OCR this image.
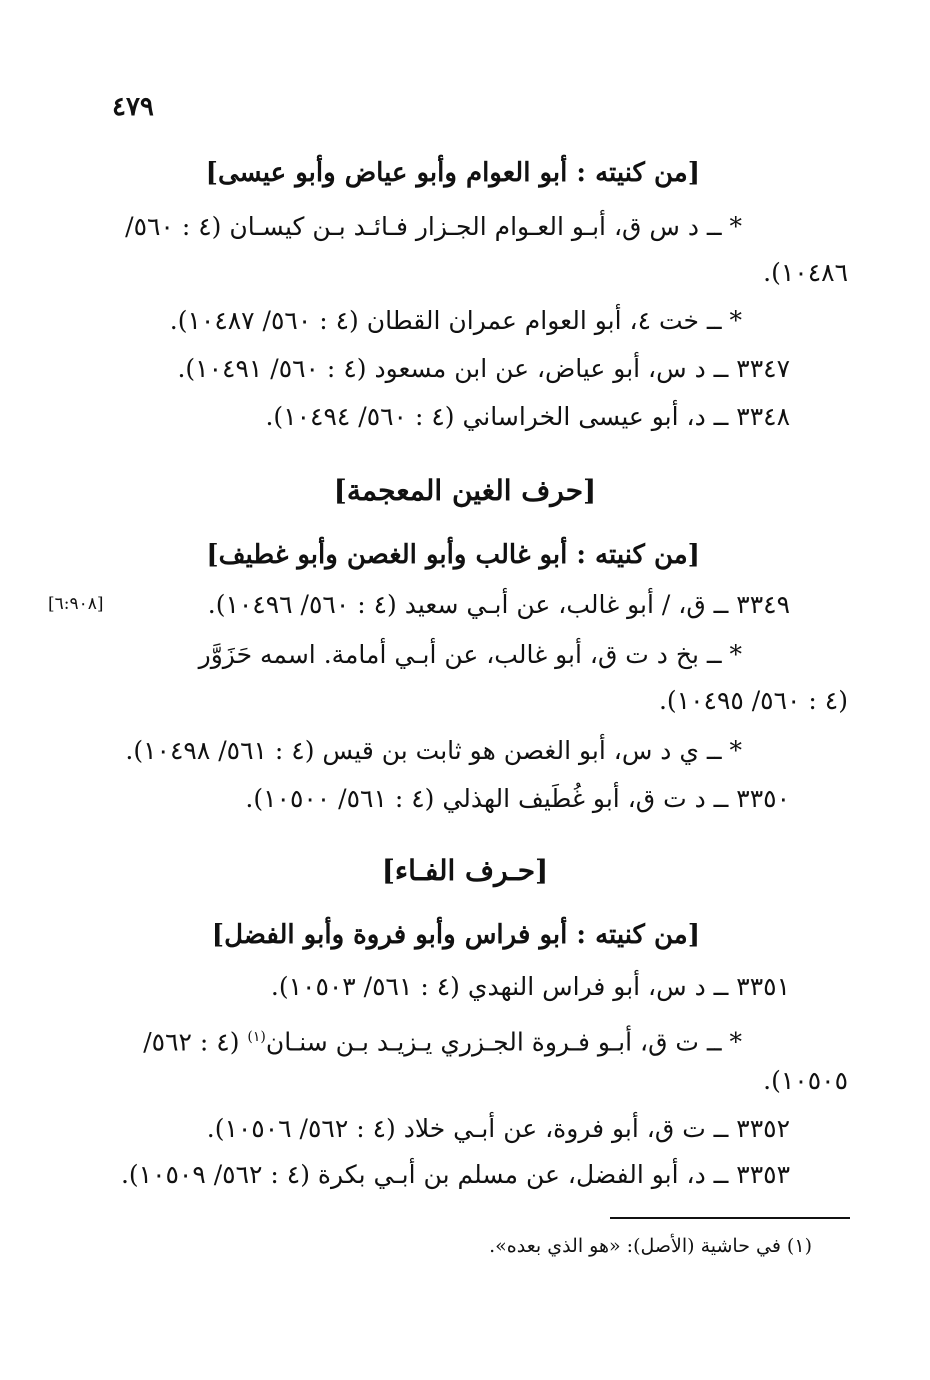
٤٧٩
[من كنيته : أبو العوام وأبو عياض وأبو عيسى]
* ــ د س ق، أبـو العـوام الجـزار فـائـد بـن كيسـان (٤ : ٥٦٠/
١٠٤٨٦).
* ــ خت ٤، أبو العوام عمران القطان (٤ : ٥٦٠/ ١٠٤٨٧).
٣٣٤٧ ــ د س، أبو عياض، عن ابن مسعود (٤ : ٥٦٠/ ١٠٤٩١).
٣٣٤٨ ــ د، أبو عيسى الخراساني (٤ : ٥٦٠/ ١٠٤٩٤).
[حرف الغين المعجمة]
[من كنيته : أبو غالب وأبو الغصن وأبو غطيف]
٣٣٤٩ ــ ق، / أبو غالب، عن أبـي سعيد (٤ : ٥٦٠/ ١٠٤٩٦).
[٦:٩٠٨]
* ــ بخ د ت ق، أبو غالب، عن أبـي أمامة. اسمه حَزَوَّر
(٤ : ٥٦٠/ ١٠٤٩٥).
* ــ ي د س، أبو الغصن هو ثابت بن قيس (٤ : ٥٦١/ ١٠٤٩٨).
٣٣٥٠ ــ د ت ق، أبو غُطَيف الهذلي (٤ : ٥٦١/ ١٠٥٠٠).
[حـرف الفـاء]
[من كنيته : أبو فراس وأبو فروة وأبو الفضل]
٣٣٥١ ــ د س، أبو فراس النهدي (٤ : ٥٦١/ ١٠٥٠٣).
* ــ ت ق، أبـو فـروة الجـزري يـزيـد بـن سنـان$^{(١)}$ (٤ : ٥٦٢/
١٠٥٠٥).
٣٣٥٢ ــ ت ق، أبو فروة، عن أبـي خلاد (٤ : ٥٦٢/ ١٠٥٠٦).
٣٣٥٣ ــ د، أبو الفضل، عن مسلم بن أبـي بكرة (٤ : ٥٦٢/ ١٠٥٠٩).
(١) في حاشية (الأصل): «هو الذي بعده».
